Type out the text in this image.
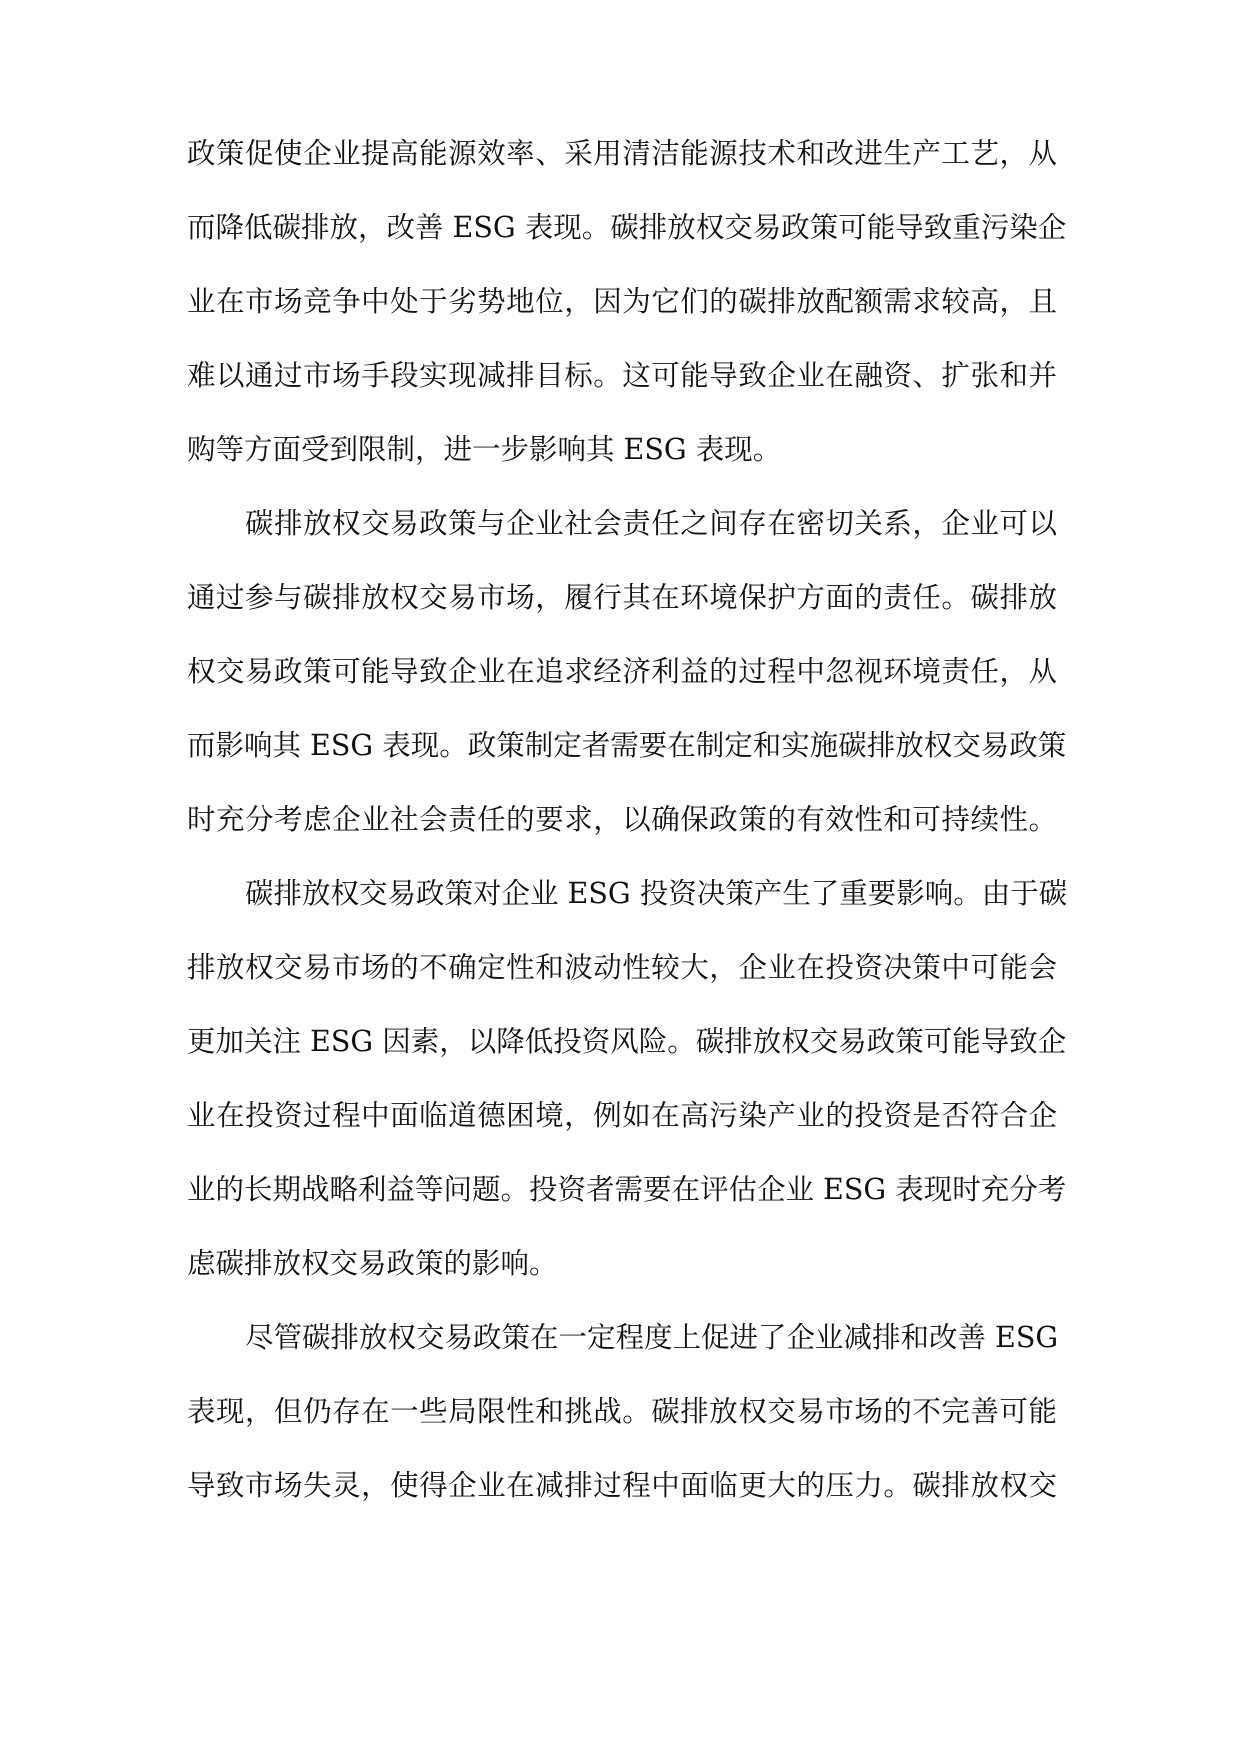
政策促使企业提高能源效率、采用清洁能源技术和改进生产工艺，从
而降低碳排放，改善 ESG 表现。碳排放权交易政策可能导致重污染企
业在市场竞争中处于劣势地位，因为它们的碳排放配额需求较高，且
难以通过市场手段实现减排目标。这可能导致企业在融资、扩张和并
购等方面受到限制，进一步影响其 ESG 表现。
碳排放权交易政策与企业社会责任之间存在密切关系，企业可以
通过参与碳排放权交易市场，履行其在环境保护方面的责任。碳排放
权交易政策可能导致企业在追求经济利益的过程中忽视环境责任，从
而影响其 ESG 表现。政策制定者需要在制定和实施碳排放权交易政策
时充分考虑企业社会责任的要求，以确保政策的有效性和可持续性。
碳排放权交易政策对企业 ESG 投资决策产生了重要影响。由于碳
排放权交易市场的不确定性和波动性较大，企业在投资决策中可能会
更加关注 ESG 因素，以降低投资风险。碳排放权交易政策可能导致企
业在投资过程中面临道德困境，例如在高污染产业的投资是否符合企
业的长期战略利益等问题。投资者需要在评估企业 ESG 表现时充分考
虑碳排放权交易政策的影响。
尽管碳排放权交易政策在一定程度上促进了企业减排和改善 ESG
表现，但仍存在一些局限性和挑战。碳排放权交易市场的不完善可能
导致市场失灵，使得企业在减排过程中面临更大的压力。碳排放权交
